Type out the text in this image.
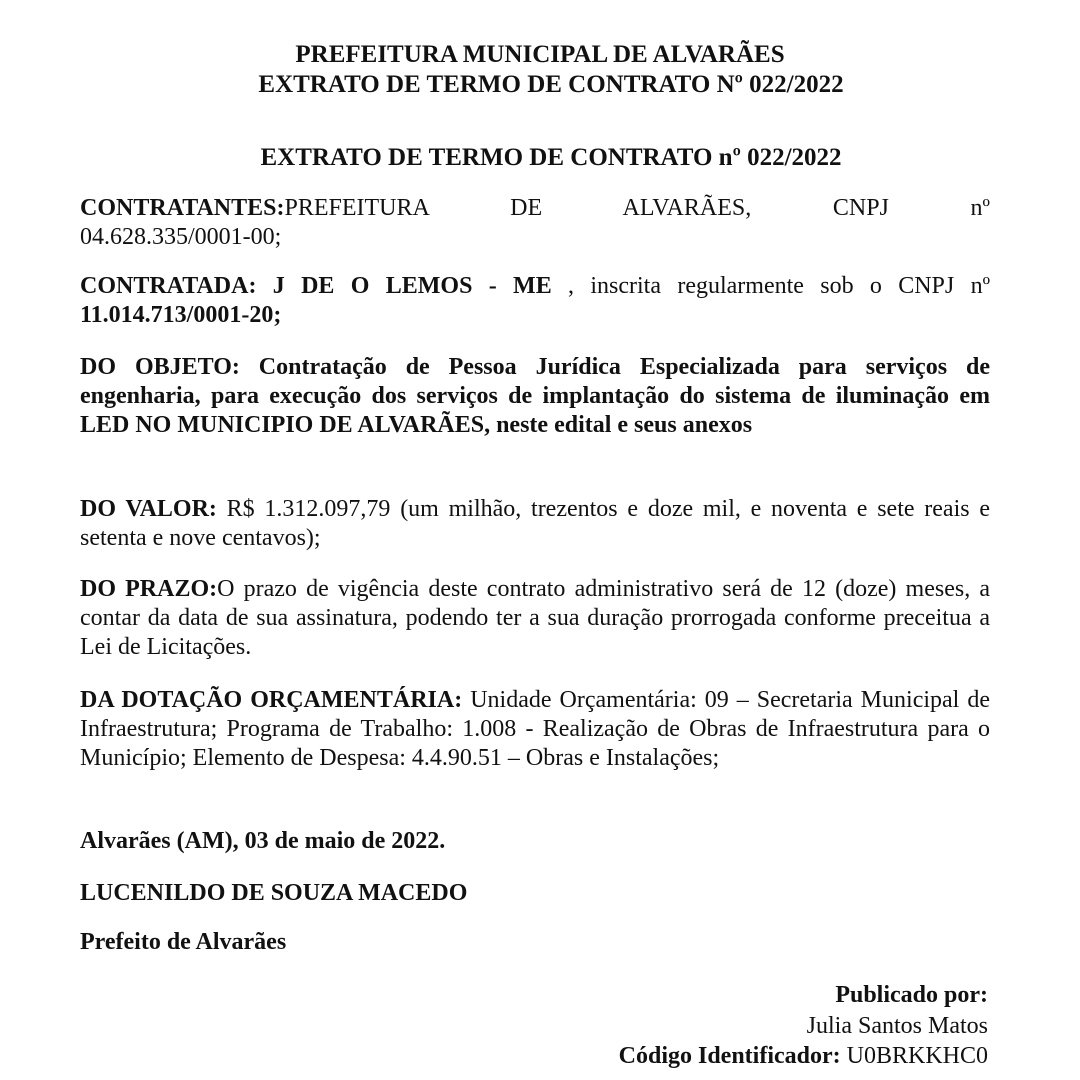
PREFEITURA MUNICIPAL DE ALVARÃES
EXTRATO DE TERMO DE CONTRATO Nº 022/2022
EXTRATO DE TERMO DE CONTRATO nº 022/2022
CONTRATANTES:PREFEITURA DE ALVARÃES, CNPJ nº
04.628.335/0001-00;
CONTRATADA: J DE O LEMOS - ME , inscrita regularmente sob o CNPJ nº 11.014.713/0001-20;
DO OBJETO: Contratação de Pessoa Jurídica Especializada para serviços de engenharia, para execução dos serviços de implantação do sistema de iluminação em LED NO MUNICIPIO DE ALVARÃES, neste edital e seus anexos
DO VALOR: R$ 1.312.097,79 (um milhão, trezentos e doze mil, e noventa e sete reais e setenta e nove centavos);
DO PRAZO:O prazo de vigência deste contrato administrativo será de 12 (doze) meses, a contar da data de sua assinatura, podendo ter a sua duração prorrogada conforme preceitua a Lei de Licitações.
DA DOTAÇÃO ORÇAMENTÁRIA: Unidade Orçamentária: 09 – Secretaria Municipal de Infraestrutura; Programa de Trabalho: 1.008 - Realização de Obras de Infraestrutura para o Município; Elemento de Despesa: 4.4.90.51 – Obras e Instalações;
Alvarães (AM), 03 de maio de 2022.
LUCENILDO DE SOUZA MACEDO
Prefeito de Alvarães
Publicado por:
Julia Santos Matos
Código Identificador: U0BRKKHC0
